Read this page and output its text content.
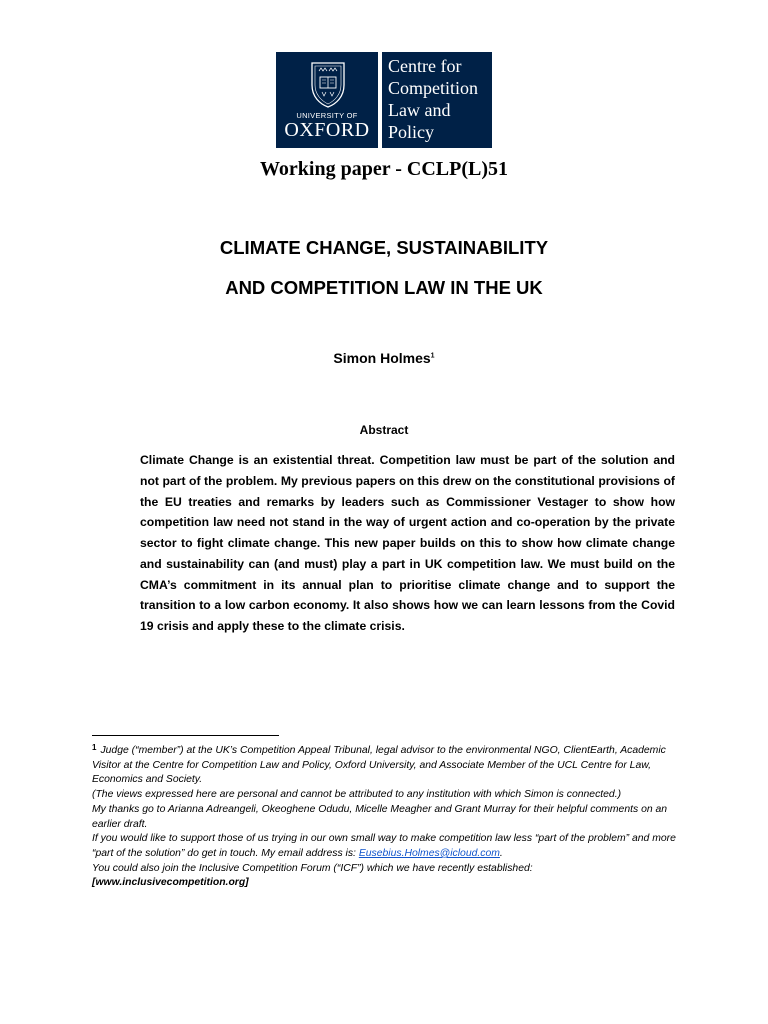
UNIVERSITY OF
OXFORD
Centre for
Competition
Law and
Policy
Working paper - CCLP(L)51
CLIMATE CHANGE, SUSTAINABILITY
AND COMPETITION LAW IN THE UK
Simon Holmes$^1$
Abstract
Climate Change is an existential threat. Competition law must be part of the solution and not part of the problem. My previous papers on this drew on the constitutional provisions of the EU treaties and remarks by leaders such as Commissioner Vestager to show how competition law need not stand in the way of urgent action and co-operation by the private sector to fight climate change. This new paper builds on this to show how climate change and sustainability can (and must) play a part in UK competition law. We must build on the CMA’s commitment in its annual plan to prioritise climate change and to support the transition to a low carbon economy. It also shows how we can learn lessons from the Covid 19 crisis and apply these to the climate crisis.

$^1$ Judge (“member”) at the UK’s Competition Appeal Tribunal, legal advisor to the environmental NGO, ClientEarth, Academic Visitor at the Centre for Competition Law and Policy, Oxford University, and Associate Member of the UCL Centre for Law, Economics and Society.

(The views expressed here are personal and cannot be attributed to any institution with which Simon is connected.)

My thanks go to Arianna Adreangeli, Okeoghene Odudu, Micelle Meagher and Grant Murray for their helpful comments on an earlier draft.

If you would like to support those of us trying in our own small way to make competition law less “part of the problem” and more “part of the solution” do get in touch. My email address is: Eusebius.Holmes@icloud.com.

You could also join the Inclusive Competition Forum (“ICF”) which we have recently established:

[www.inclusivecompetition.org]
